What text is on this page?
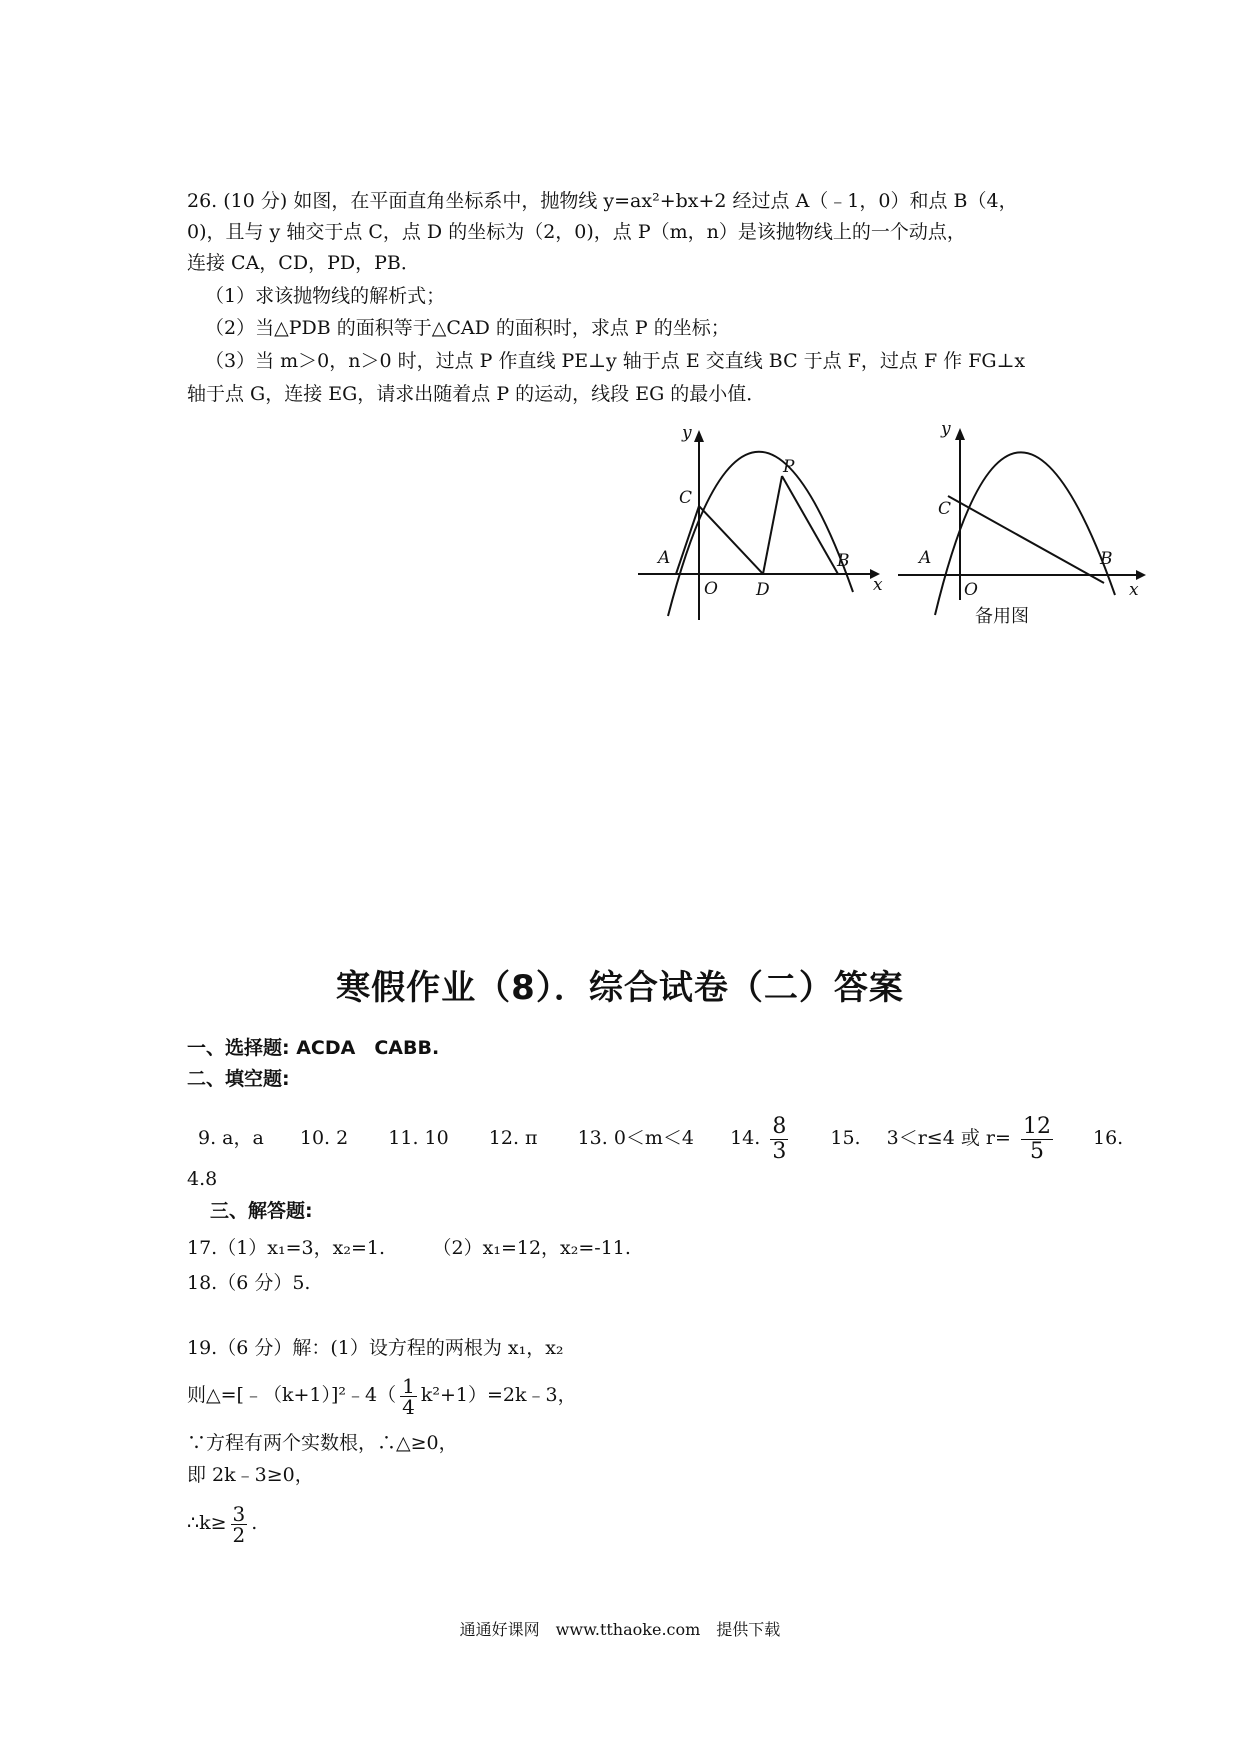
26. (10 分) 如图，在平面直角坐标系中，抛物线 y=ax²+bx+2 经过点 A（﹣1，0）和点 B（4，
0)，且与 y 轴交于点 C，点 D 的坐标为（2，0)，点 P（m，n）是该抛物线上的一个动点，
连接 CA，CD，PD，PB．
（1）求该抛物线的解析式；
（2）当△PDB 的面积等于△CAD 的面积时，求点 P 的坐标；
（3）当 m＞0，n＞0 时，过点 P 作直线 PE⊥y 轴于点 E 交直线 BC 于点 F，过点 F 作 FG⊥x
轴于点 G，连接 EG，请求出随着点 P 的运动，线段 EG 的最小值．
y
x
O
A	B
C
D
P
y
x
O
A	B
C
备用图
寒假作业（8）．综合试卷（二）答案
一、选择题: ACDA　CABB.
二、填空题:
9. a，a 10. 2 11. 10 12. π 13. 0＜m＜4 14. $\frac{8}{3} 15$. 3＜r≤4 或 $r= \frac{12}{5} 16$.
4.8
三、解答题:
17.（1）x₁=3，x₂=1.　　　（2）x₁=12，x₂=-11.
18.（6 分）5.
19.（6 分）解：(1）设方程的两根为 x₁，x₂
则△=[﹣（k+1）]²﹣4（ $\frac{1}{4}$ k²+1）=2k﹣3，
∵方程有两个实数根，∴△≥0，
即 2k﹣3≥0，
∴k≥ $\frac{3}{2}$ .
通通好课网　www.tthaoke.com　提供下载
